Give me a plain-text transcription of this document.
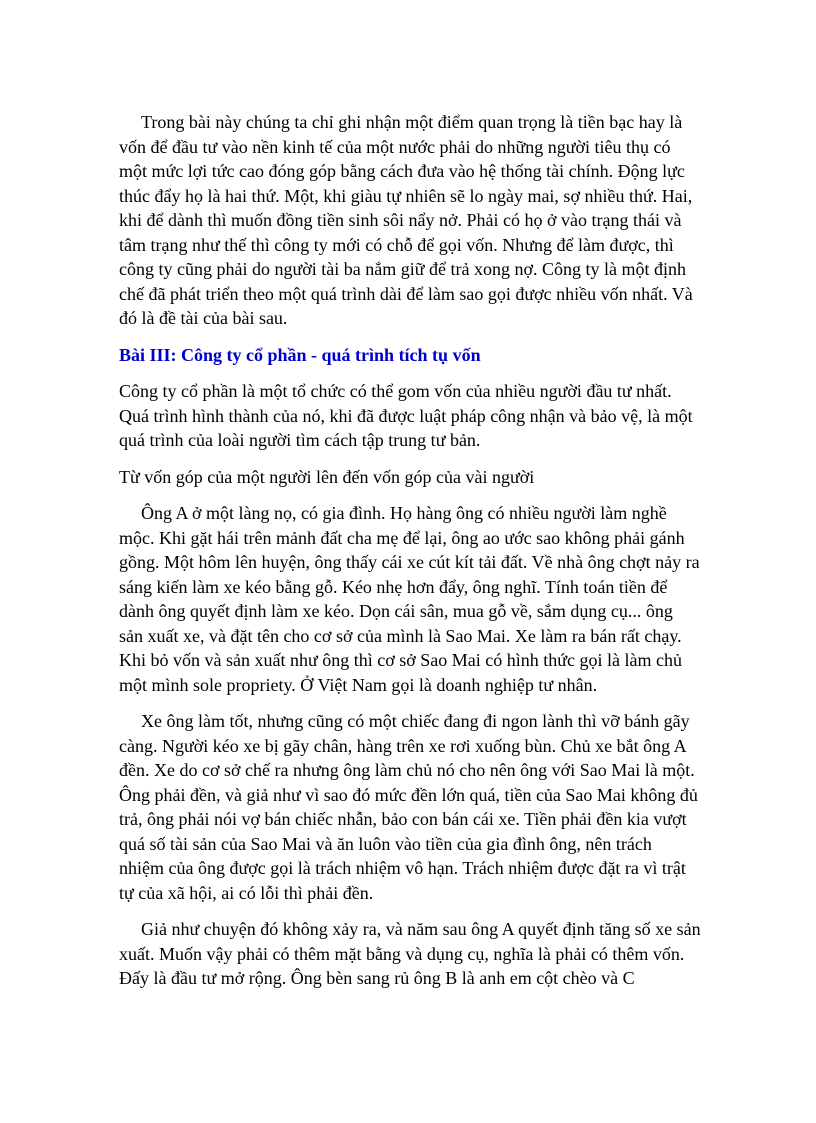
Trong bài này chúng ta chỉ ghi nhận một điểm quan trọng là tiền bạc hay là vốn để đầu tư vào nền kinh tế của một nước phải do những người tiêu thụ có một mức lợi tức cao đóng góp bằng cách đưa vào hệ thống tài chính. Động lực thúc đẩy họ là hai thứ. Một, khi giàu tự nhiên sẽ lo ngày mai, sợ nhiều thứ. Hai, khi để dành thì muốn đồng tiền sinh sôi nẩy nở. Phải có họ ở vào trạng thái và tâm trạng như thế thì công ty mới có chỗ để gọi vốn. Nhưng để làm được, thì công ty cũng phải do người tài ba nắm giữ để trả xong nợ. Công ty là một định chế đã phát triển theo một quá trình dài để làm sao gọi được nhiều vốn nhất. Và đó là đề tài của bài sau.

Bài III: Công ty cổ phần - quá trình tích tụ vốn

Công ty cổ phần là một tổ chức có thể gom vốn của nhiều người đầu tư nhất. Quá trình hình thành của nó, khi đã được luật pháp công nhận và bảo vệ, là một quá trình của loài người tìm cách tập trung tư bản.

Từ vốn góp của một người lên đến vốn góp của vài người

Ông A ở một làng nọ, có gia đình. Họ hàng ông có nhiều người làm nghề mộc. Khi gặt hái trên mảnh đất cha mẹ để lại, ông ao ước sao không phải gánh gồng. Một hôm lên huyện, ông thấy cái xe cút kít tải đất. Về nhà ông chợt nảy ra sáng kiến làm xe kéo bằng gỗ. Kéo nhẹ hơn đẩy, ông nghĩ. Tính toán tiền để dành ông quyết định làm xe kéo. Dọn cái sân, mua gỗ về, sắm dụng cụ... ông sản xuất xe, và đặt tên cho cơ sở của mình là Sao Mai. Xe làm ra bán rất chạy. Khi bỏ vốn và sản xuất như ông thì cơ sở Sao Mai có hình thức gọi là làm chủ một mình sole propriety. Ở Việt Nam gọi là doanh nghiệp tư nhân.

Xe ông làm tốt, nhưng cũng có một chiếc đang đi ngon lành thì vỡ bánh gãy càng. Người kéo xe bị gãy chân, hàng trên xe rơi xuống bùn. Chủ xe bắt ông A đền. Xe do cơ sở chế ra nhưng ông làm chủ nó cho nên ông với Sao Mai là một. Ông phải đền, và giả như vì sao đó mức đền lớn quá, tiền của Sao Mai không đủ trả, ông phải nói vợ bán chiếc nhẫn, bảo con bán cái xe. Tiền phải đền kia vượt quá số tài sản của Sao Mai và ăn luôn vào tiền của gia đình ông, nên trách nhiệm của ông được gọi là trách nhiệm vô hạn. Trách nhiệm được đặt ra vì trật tự của xã hội, ai có lỗi thì phải đền.

Giả như chuyện đó không xảy ra, và năm sau ông A quyết định tăng số xe sản xuất. Muốn vậy phải có thêm mặt bằng và dụng cụ, nghĩa là phải có thêm vốn. Đấy là đầu tư mở rộng. Ông bèn sang rủ ông B là anh em cột chèo và C
